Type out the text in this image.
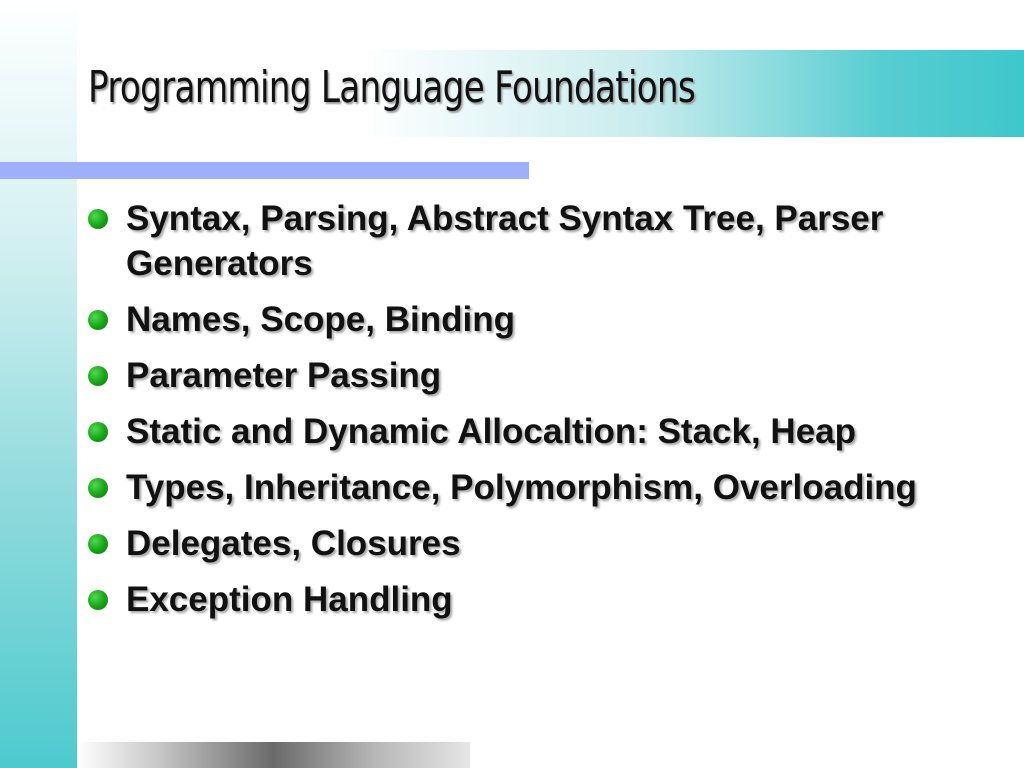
Programming Language Foundations
Syntax, Parsing, Abstract Syntax Tree, Parser Generators
Names, Scope, Binding
Parameter Passing
Static and Dynamic Allocaltion: Stack, Heap
Types, Inheritance, Polymorphism, Overloading
Delegates, Closures
Exception Handling
